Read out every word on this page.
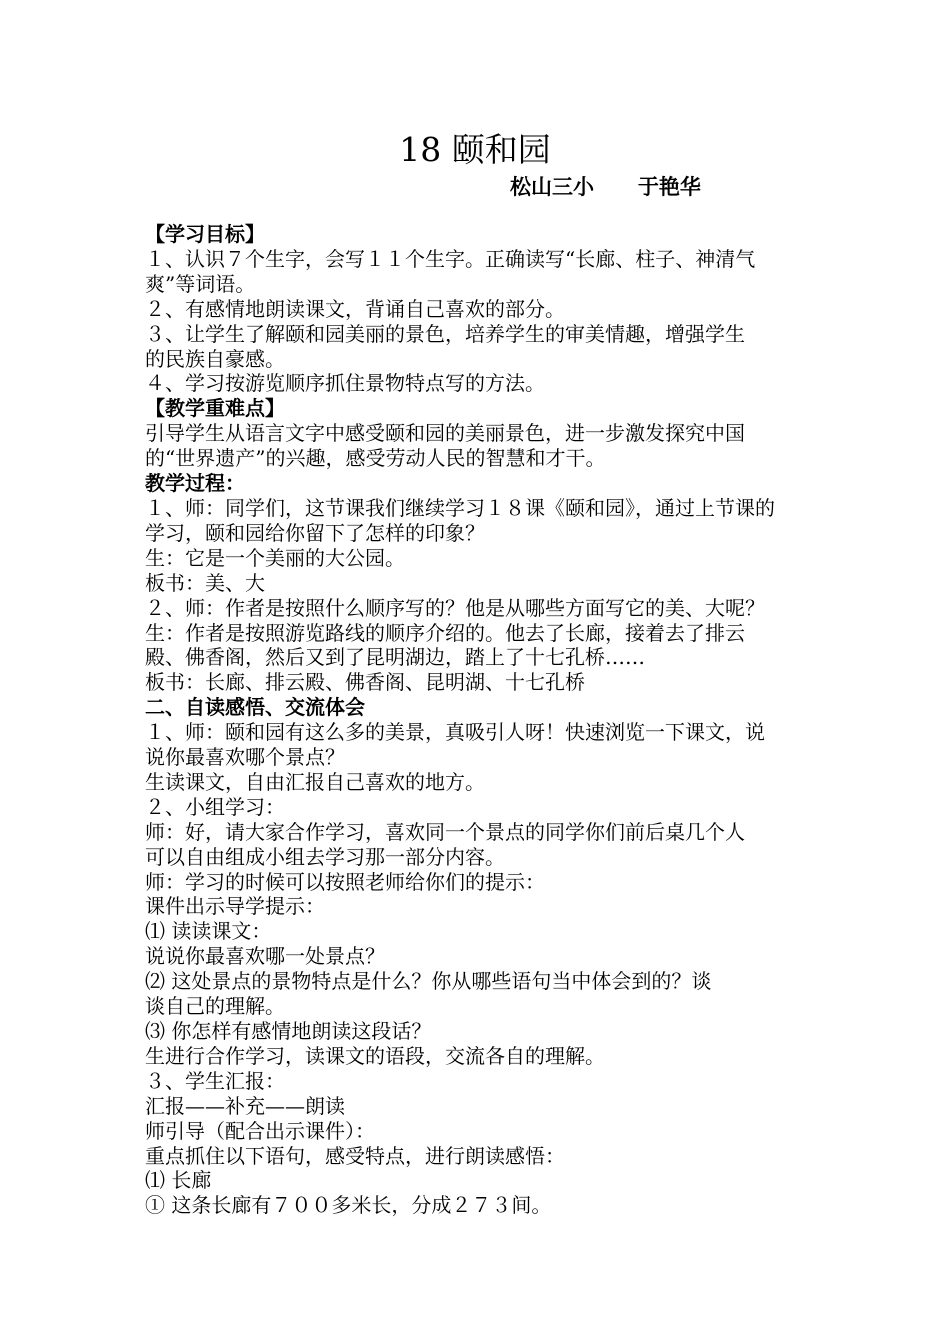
18 颐和园
松山三小      于艳华
【学习目标】
１、认识７个生字，会写１１个生字。正确读写“长廊、柱子、神清气
爽”等词语。
２、有感情地朗读课文，背诵自己喜欢的部分。
３、让学生了解颐和园美丽的景色，培养学生的审美情趣，增强学生
的民族自豪感。
４、学习按游览顺序抓住景物特点写的方法。
【教学重难点】
引导学生从语言文字中感受颐和园的美丽景色，进一步激发探究中国
的“世界遗产”的兴趣，感受劳动人民的智慧和才干。
教学过程：
１、师：同学们，这节课我们继续学习１８课《颐和园》，通过上节课的
学习，颐和园给你留下了怎样的印象？
生：它是一个美丽的大公园。
板书：美、大
２、师：作者是按照什么顺序写的？他是从哪些方面写它的美、大呢？
生：作者是按照游览路线的顺序介绍的。他去了长廊，接着去了排云
殿、佛香阁，然后又到了昆明湖边，踏上了十七孔桥……
板书：长廊、排云殿、佛香阁、昆明湖、十七孔桥
二、自读感悟、交流体会
１、师：颐和园有这么多的美景，真吸引人呀！快速浏览一下课文，说
说你最喜欢哪个景点？
生读课文，自由汇报自己喜欢的地方。
２、小组学习：
师：好，请大家合作学习，喜欢同一个景点的同学你们前后桌几个人
可以自由组成小组去学习那一部分内容。
师：学习的时候可以按照老师给你们的提示：
课件出示导学提示：
⑴ 读读课文：
说说你最喜欢哪一处景点？
⑵ 这处景点的景物特点是什么？你从哪些语句当中体会到的？谈
谈自己的理解。
⑶ 你怎样有感情地朗读这段话？
生进行合作学习，读课文的语段，交流各自的理解。
３、学生汇报：
汇报——补充——朗读
师引导（配合出示课件）：
重点抓住以下语句，感受特点，进行朗读感悟：
⑴ 长廊
① 这条长廊有７００多米长，分成２７３间。
